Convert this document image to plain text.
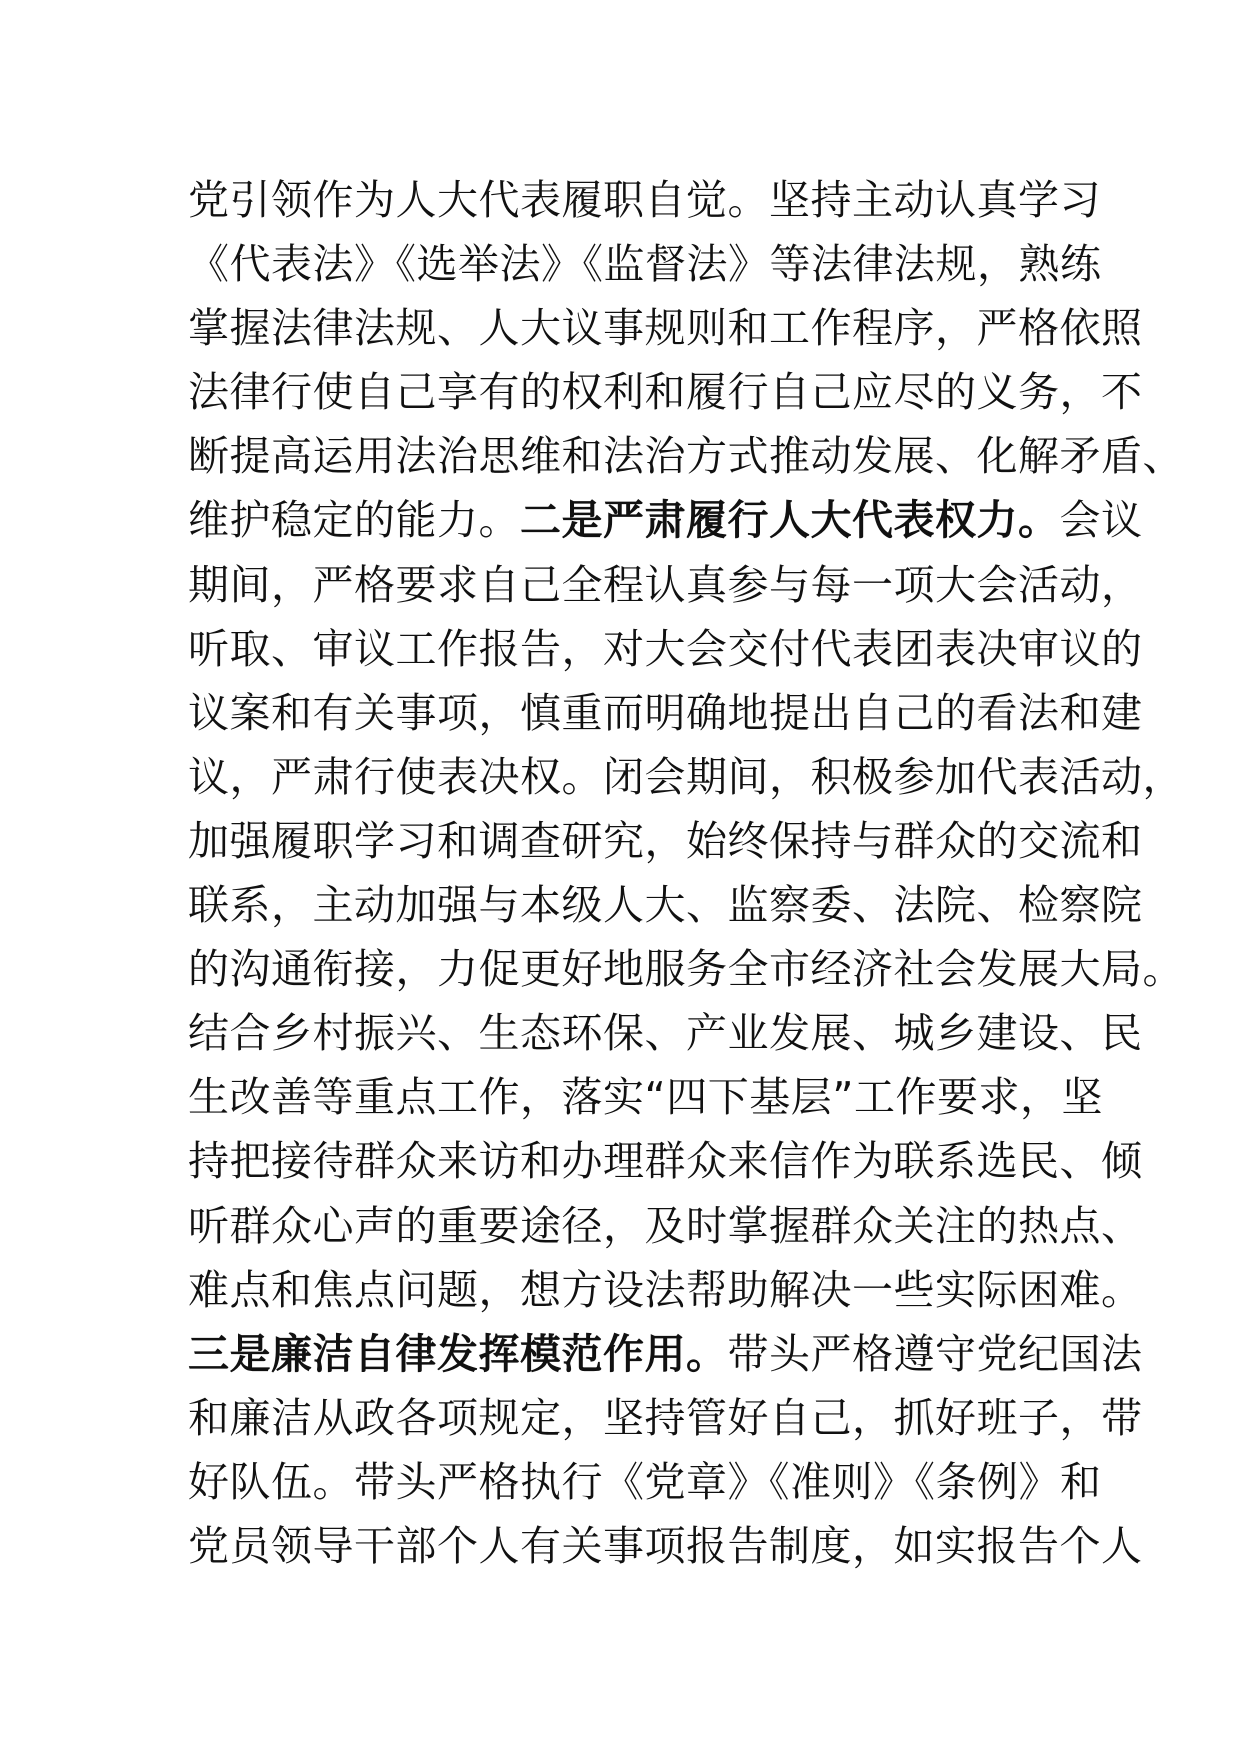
党引领作为人大代表履职自觉。坚持主动认真学习
《代表法》《选举法》《监督法》等法律法规，熟练
掌握法律法规、人大议事规则和工作程序，严格依照
法律行使自己享有的权利和履行自己应尽的义务，不
断提高运用法治思维和法治方式推动发展、化解矛盾、
维护稳定的能力。二是严肃履行人大代表权力。会议
期间，严格要求自己全程认真参与每一项大会活动，
听取、审议工作报告，对大会交付代表团表决审议的
议案和有关事项，慎重而明确地提出自己的看法和建
议，严肃行使表决权。闭会期间，积极参加代表活动，
加强履职学习和调查研究，始终保持与群众的交流和
联系，主动加强与本级人大、监察委、法院、检察院
的沟通衔接，力促更好地服务全市经济社会发展大局。
结合乡村振兴、生态环保、产业发展、城乡建设、民
生改善等重点工作，落实“四下基层”工作要求，坚
持把接待群众来访和办理群众来信作为联系选民、倾
听群众心声的重要途径，及时掌握群众关注的热点、
难点和焦点问题，想方设法帮助解决一些实际困难。
三是廉洁自律发挥模范作用。带头严格遵守党纪国法
和廉洁从政各项规定，坚持管好自己，抓好班子，带
好队伍。带头严格执行《党章》《准则》《条例》和
党员领导干部个人有关事项报告制度，如实报告个人
